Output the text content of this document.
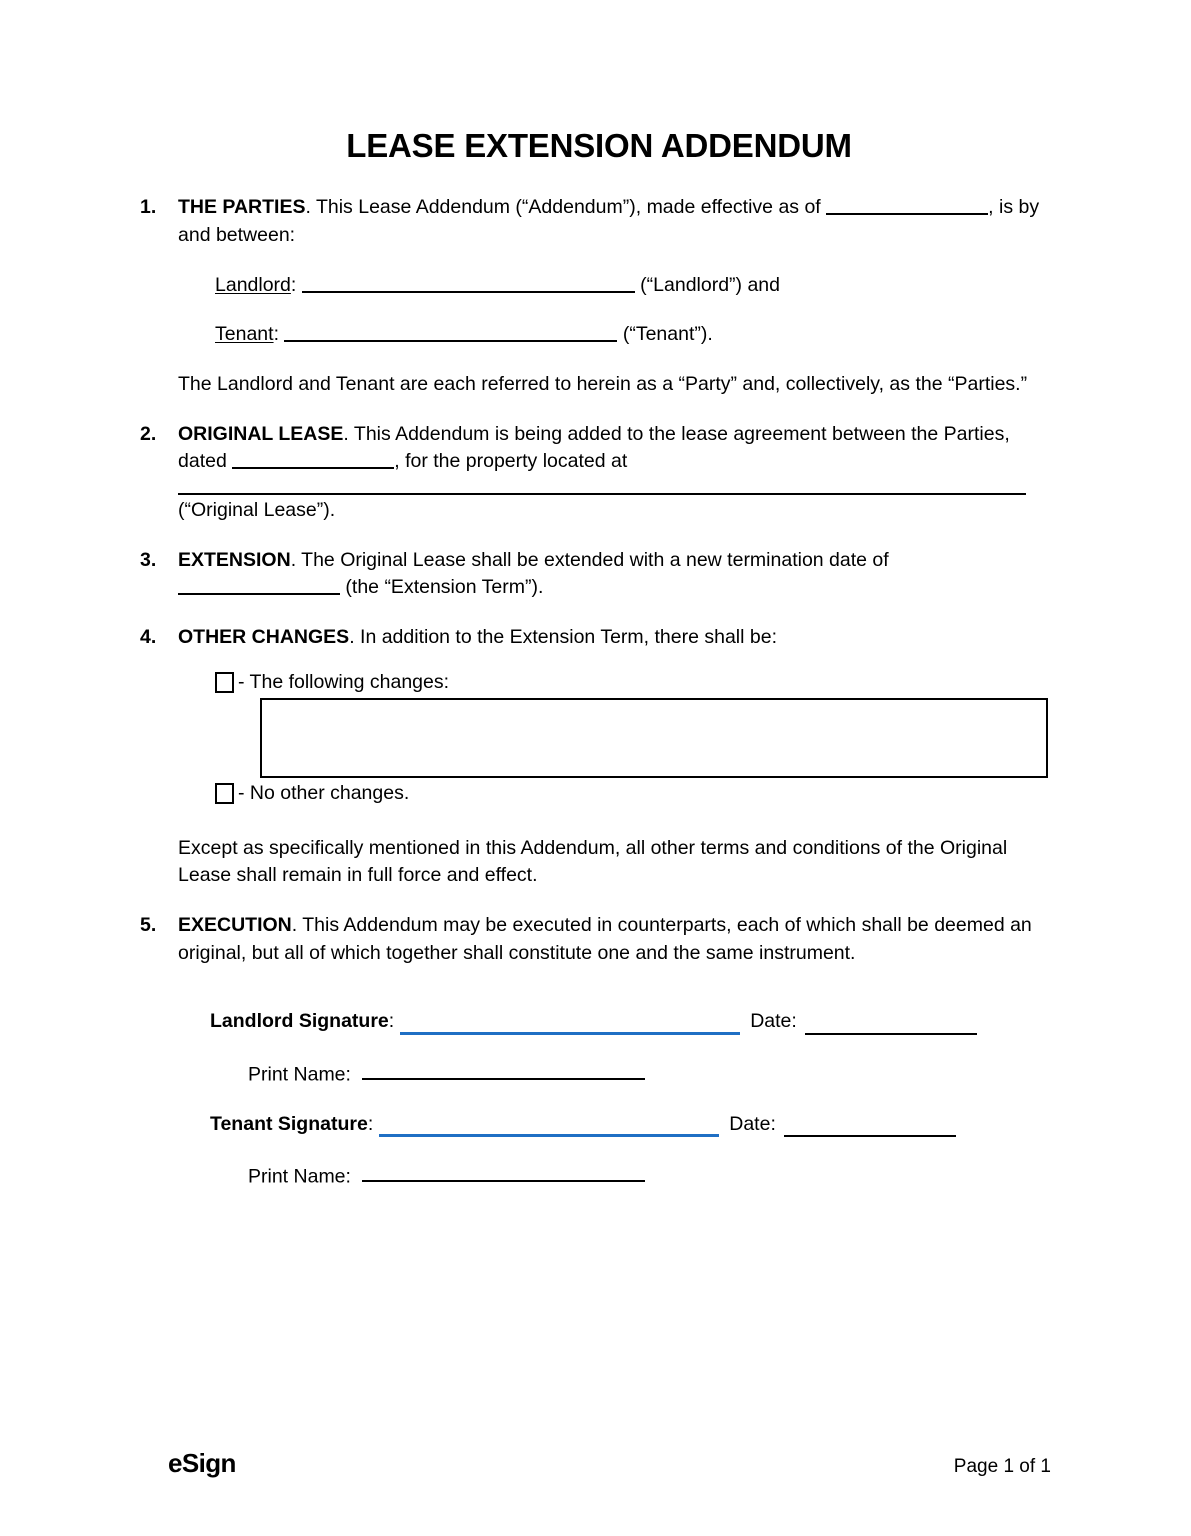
LEASE EXTENSION ADDENDUM
1. THE PARTIES. This Lease Addendum (“Addendum”), made effective as of	, is by and between:
Landlord:	(“Landlord”) and
Tenant:	(“Tenant”).
The Landlord and Tenant are each referred to herein as a “Party” and, collectively, as the “Parties.”
2. ORIGINAL LEASE. This Addendum is being added to the lease agreement between the Parties, dated	, for the property located at
(“Original Lease”).
3. EXTENSION. The Original Lease shall be extended with a new termination date of  (the “Extension Term”).
4. OTHER CHANGES. In addition to the Extension Term, there shall be:
- The following changes:
- No other changes.
Except as specifically mentioned in this Addendum, all other terms and conditions of the Original Lease shall remain in full force and effect.
5. EXECUTION. This Addendum may be executed in counterparts, each of which shall be deemed an original, but all of which together shall constitute one and the same instrument.
Landlord Signature :	Date:
Print Name:
Tenant Signature :	Date:
Print Name:
eSign	Page 1 of 1
